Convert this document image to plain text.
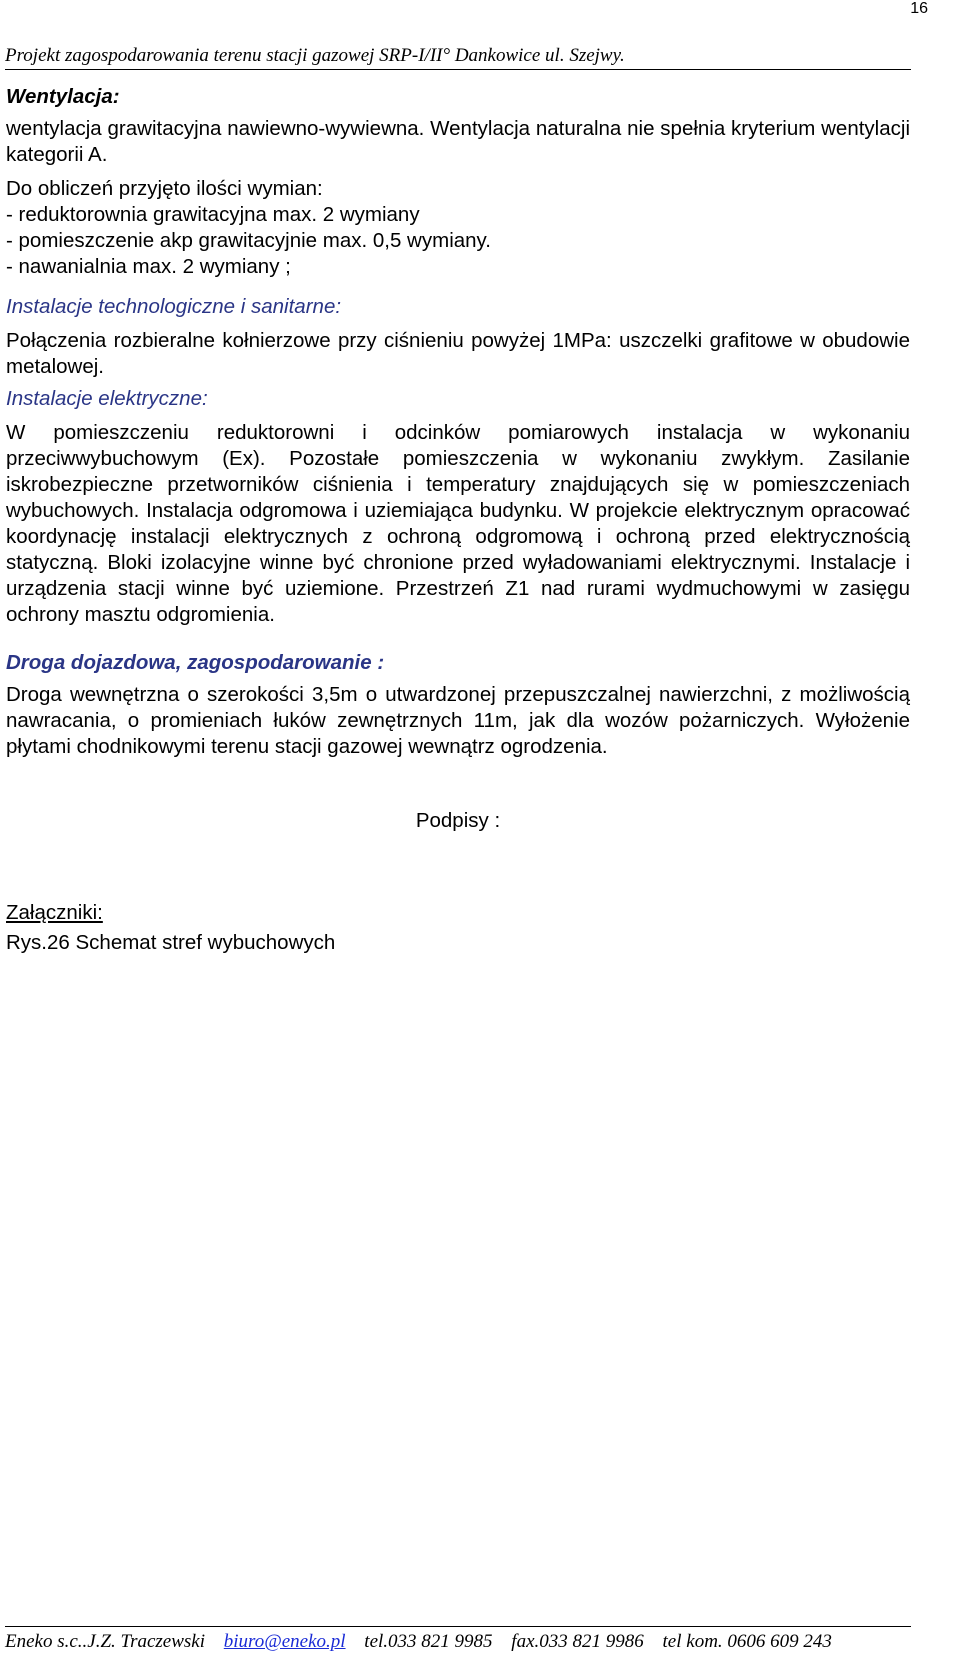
16
Projekt zagospodarowania terenu stacji gazowej SRP-I/II° Dankowice ul. Szejwy.

Wentylacja:

wentylacja grawitacyjna nawiewno-wywiewna. Wentylacja naturalna nie spełnia kryterium wentylacji kategorii A.

Do obliczeń przyjęto ilości wymian:

- reduktorownia grawitacyjna max. 2 wymiany

- pomieszczenie akp grawitacyjnie max. 0,5 wymiany.

- nawanialnia max. 2 wymiany ;

Instalacje technologiczne i sanitarne:

Połączenia rozbieralne kołnierzowe przy ciśnieniu powyżej 1MPa: uszczelki grafitowe w obudowie metalowej.

Instalacje elektryczne:

W pomieszczeniu reduktorowni i odcinków pomiarowych instalacja w wykonaniu przeciwwybuchowym (Ex). Pozostałe pomieszczenia w wykonaniu zwykłym. Zasilanie iskrobezpieczne przetworników ciśnienia i temperatury znajdujących się w pomieszczeniach wybuchowych. Instalacja odgromowa i uziemiająca budynku. W projekcie elektrycznym opracować koordynację instalacji elektrycznych z ochroną odgromową i ochroną przed elektrycznością statyczną. Bloki izolacyjne winne być chronione przed wyładowaniami elektrycznymi. Instalacje i urządzenia stacji winne być uziemione. Przestrzeń Z1 nad rurami wydmuchowymi w zasięgu ochrony masztu odgromienia.

Droga dojazdowa, zagospodarowanie :

Droga wewnętrzna o szerokości 3,5m o utwardzonej przepuszczalnej nawierzchni, z możliwością nawracania, o promieniach łuków zewnętrznych 11m, jak dla wozów pożarniczych. Wyłożenie płytami chodnikowymi terenu stacji gazowej wewnątrz ogrodzenia.

Podpisy :

Załączniki:

Rys.26 Schemat stref wybuchowych

Eneko s.c..J.Z. Traczewski biuro@eneko.pl tel.033 821 9985 fax.033 821 9986 tel kom. 0606 609 243
